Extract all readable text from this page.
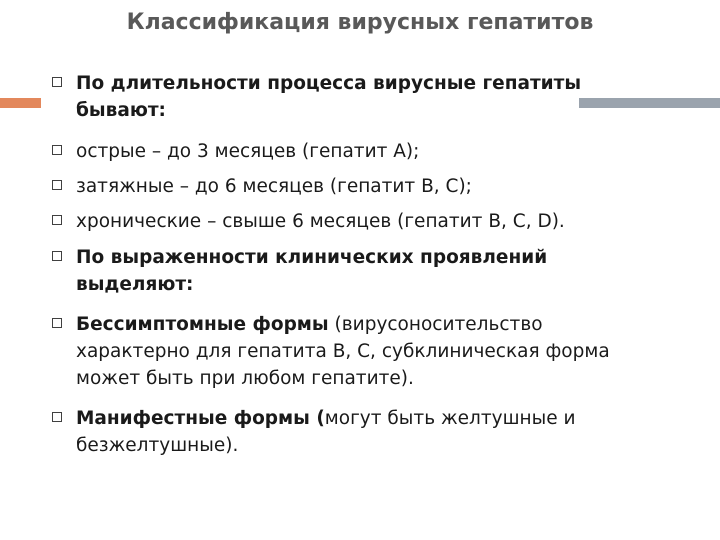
Классификация вирусных гепатитов
По длительности процесса вирусные гепатиты бывают:
острые – до 3 месяцев (гепатит А);
затяжные – до 6 месяцев (гепатит В, С);
хронические – свыше 6 месяцев (гепатит В, С, D).
По выраженности клинических проявлений выделяют:
Бессимптомные формы (вирусоносительство характерно для гепатита В, С, субклиническая форма может быть при любом гепатите).
Манифестные формы (могут быть желтушные и безжелтушные).
